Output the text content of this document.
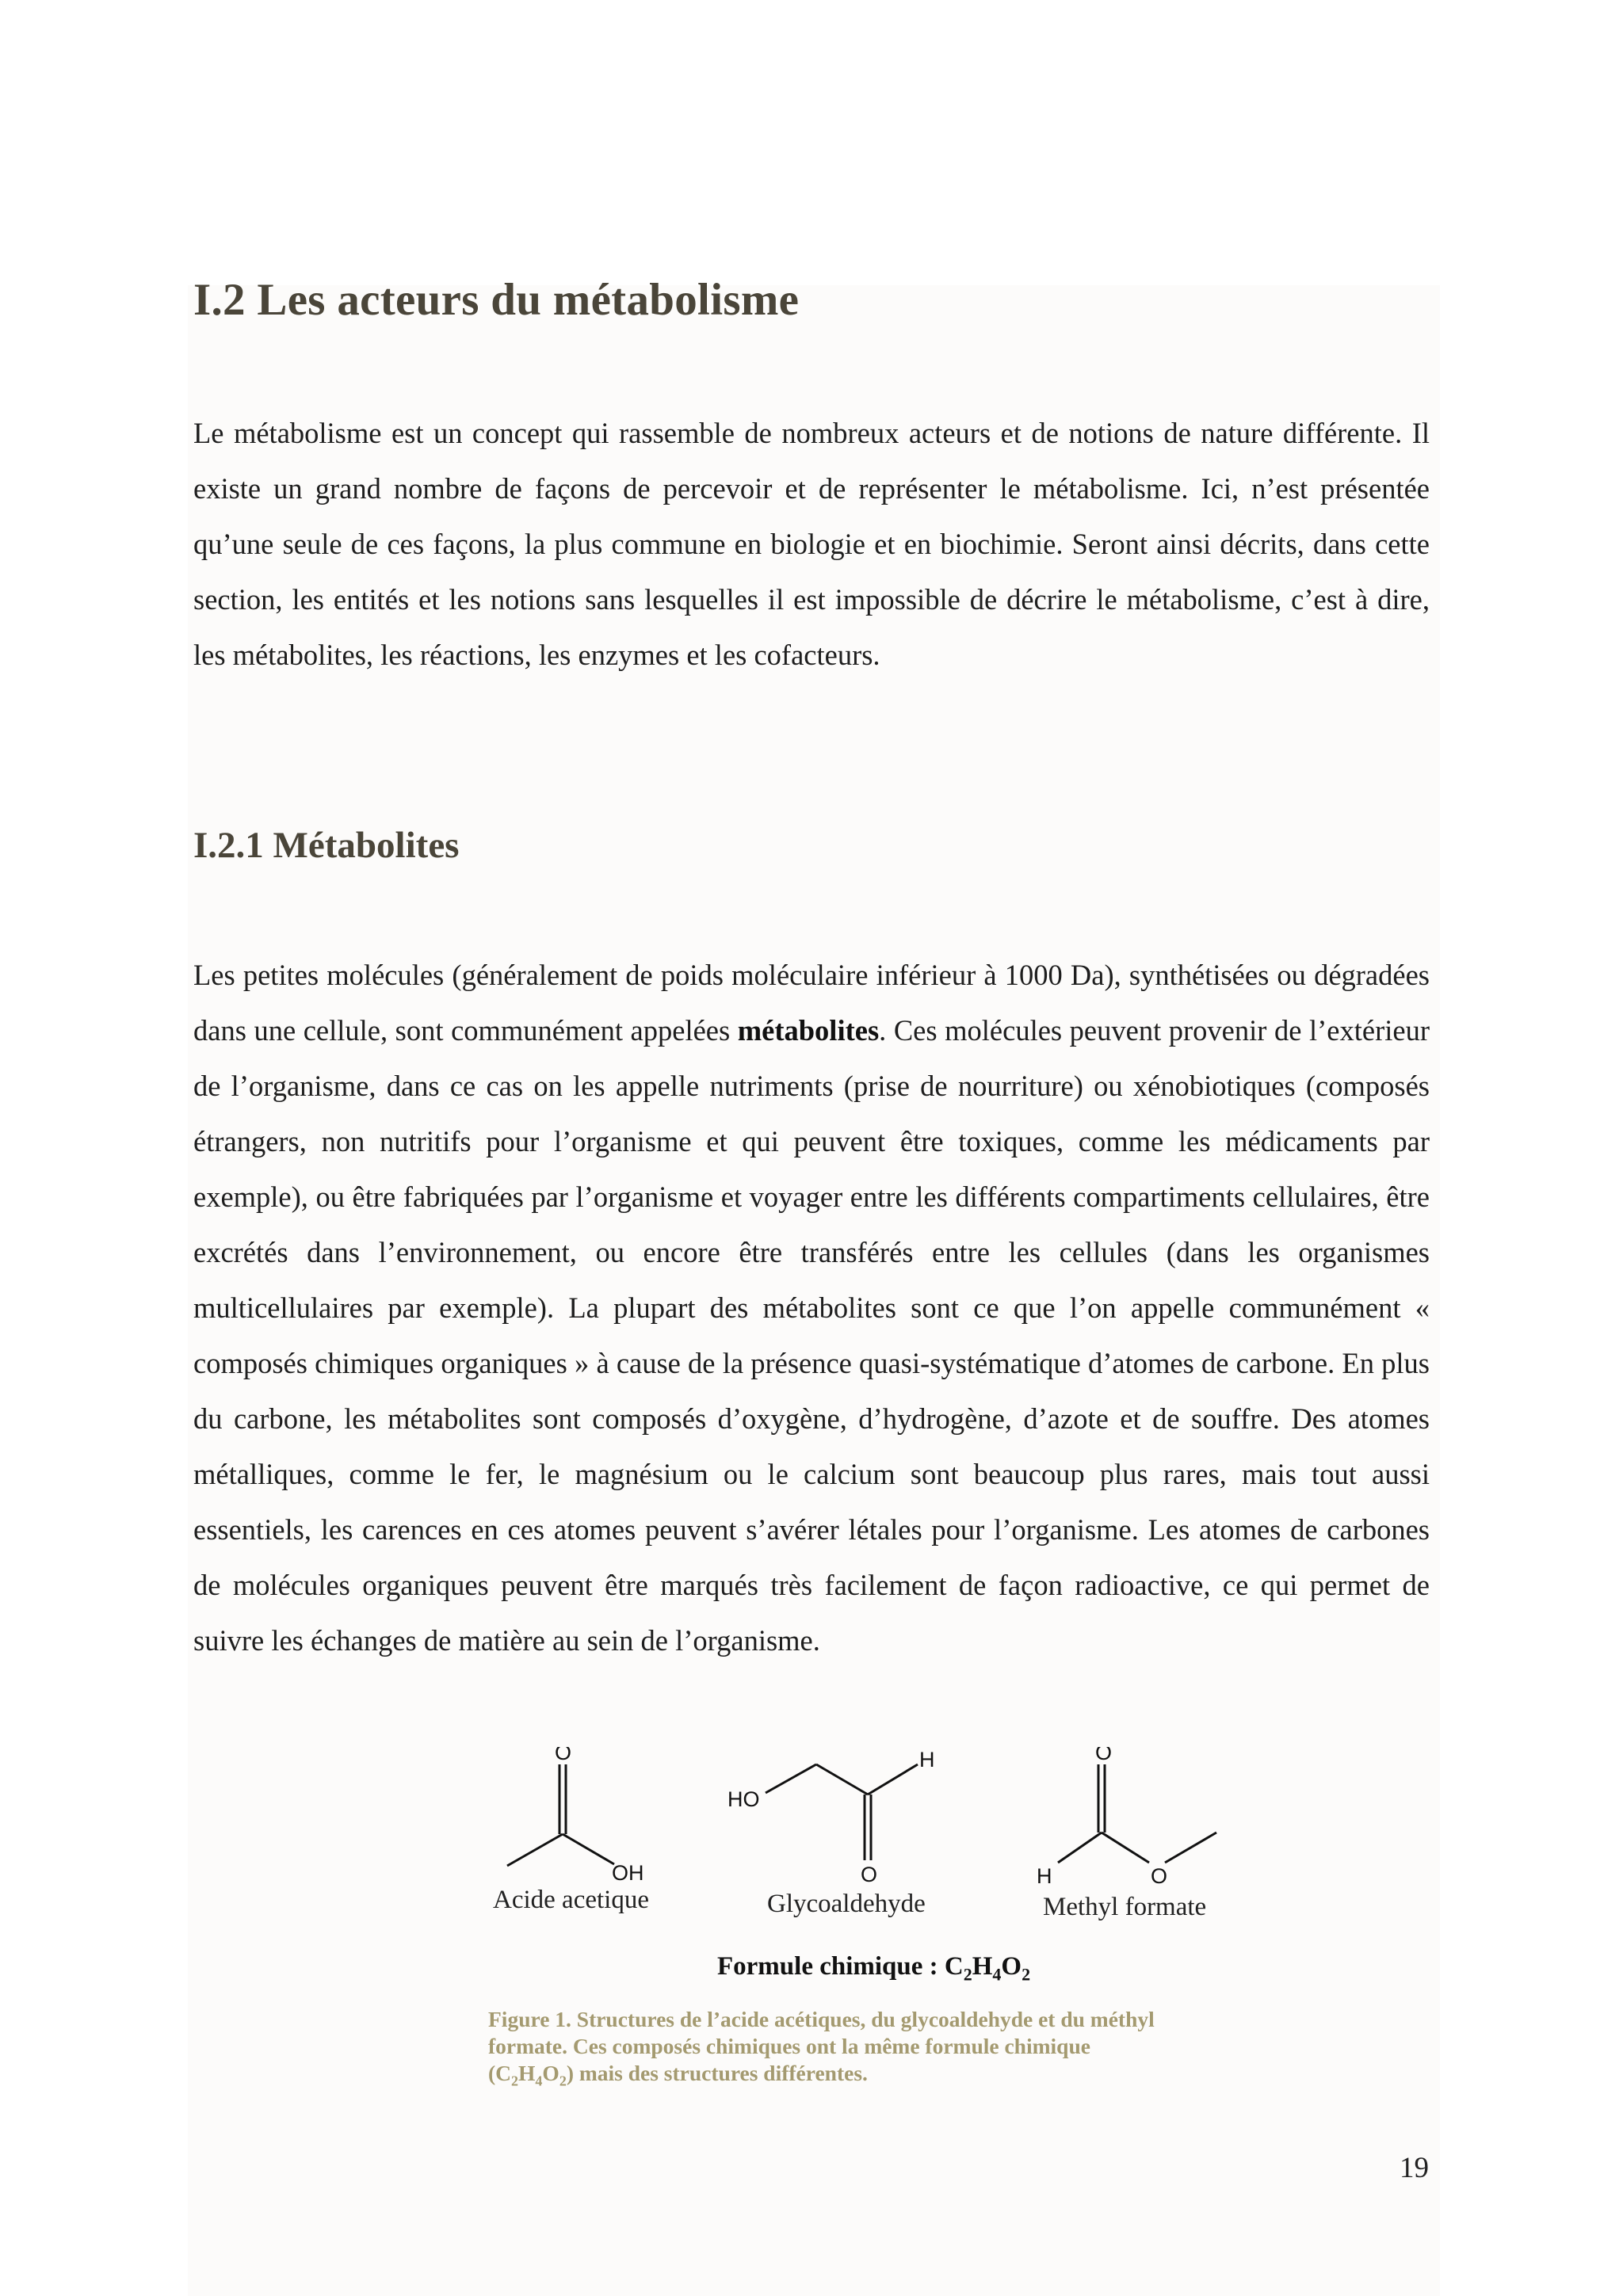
I.2 Les acteurs du métabolisme
Le métabolisme est un concept qui rassemble de nombreux acteurs et de notions de nature différente. Il existe un grand nombre de façons de percevoir et de représenter le métabolisme. Ici, n’est présentée qu’une seule de ces façons, la plus commune en biologie et en biochimie. Seront ainsi décrits, dans cette section, les entités et les notions sans lesquelles il est impossible de décrire le métabolisme, c’est à dire, les métabolites, les réactions, les enzymes et les cofacteurs.
I.2.1 Métabolites
Les petites molécules (généralement de poids moléculaire inférieur à 1000 Da), synthétisées ou dégradées dans une cellule, sont communément appelées métabolites. Ces molécules peuvent provenir de l’extérieur de l’organisme, dans ce cas on les appelle nutriments (prise de nourriture) ou xénobiotiques (composés étrangers, non nutritifs pour l’organisme et qui peuvent être toxiques, comme les médicaments par exemple), ou être fabriquées par l’organisme et voyager entre les différents compartiments cellulaires, être excrétés dans l’environnement, ou encore être transférés entre les cellules (dans les organismes multicellulaires par exemple). La plupart des métabolites sont ce que l’on appelle communément « composés chimiques organiques » à cause de la présence quasi-systématique d’atomes de carbone. En plus du carbone, les métabolites sont composés d’oxygène, d’hydrogène, d’azote et de souffre. Des atomes métalliques, comme le fer, le magnésium ou le calcium sont beaucoup plus rares, mais tout aussi essentiels, les carences en ces atomes peuvent s’avérer létales pour l’organisme. Les atomes de carbones de molécules organiques peuvent être marqués très facilement de façon radioactive, ce qui permet de suivre les échanges de matière au sein de l’organisme.
O
OH
Acide acetique
HO
H
O
Glycoaldehyde
O
H	O
Methyl formate
Formule chimique : $C_2H_4O_2$
Figure 1. Structures de l’acide acétiques, du glycoaldehyde et du méthyl formate. Ces composés chimiques ont la même formule chimique $(C_2H_4O_2)$ mais des structures différentes.
19
